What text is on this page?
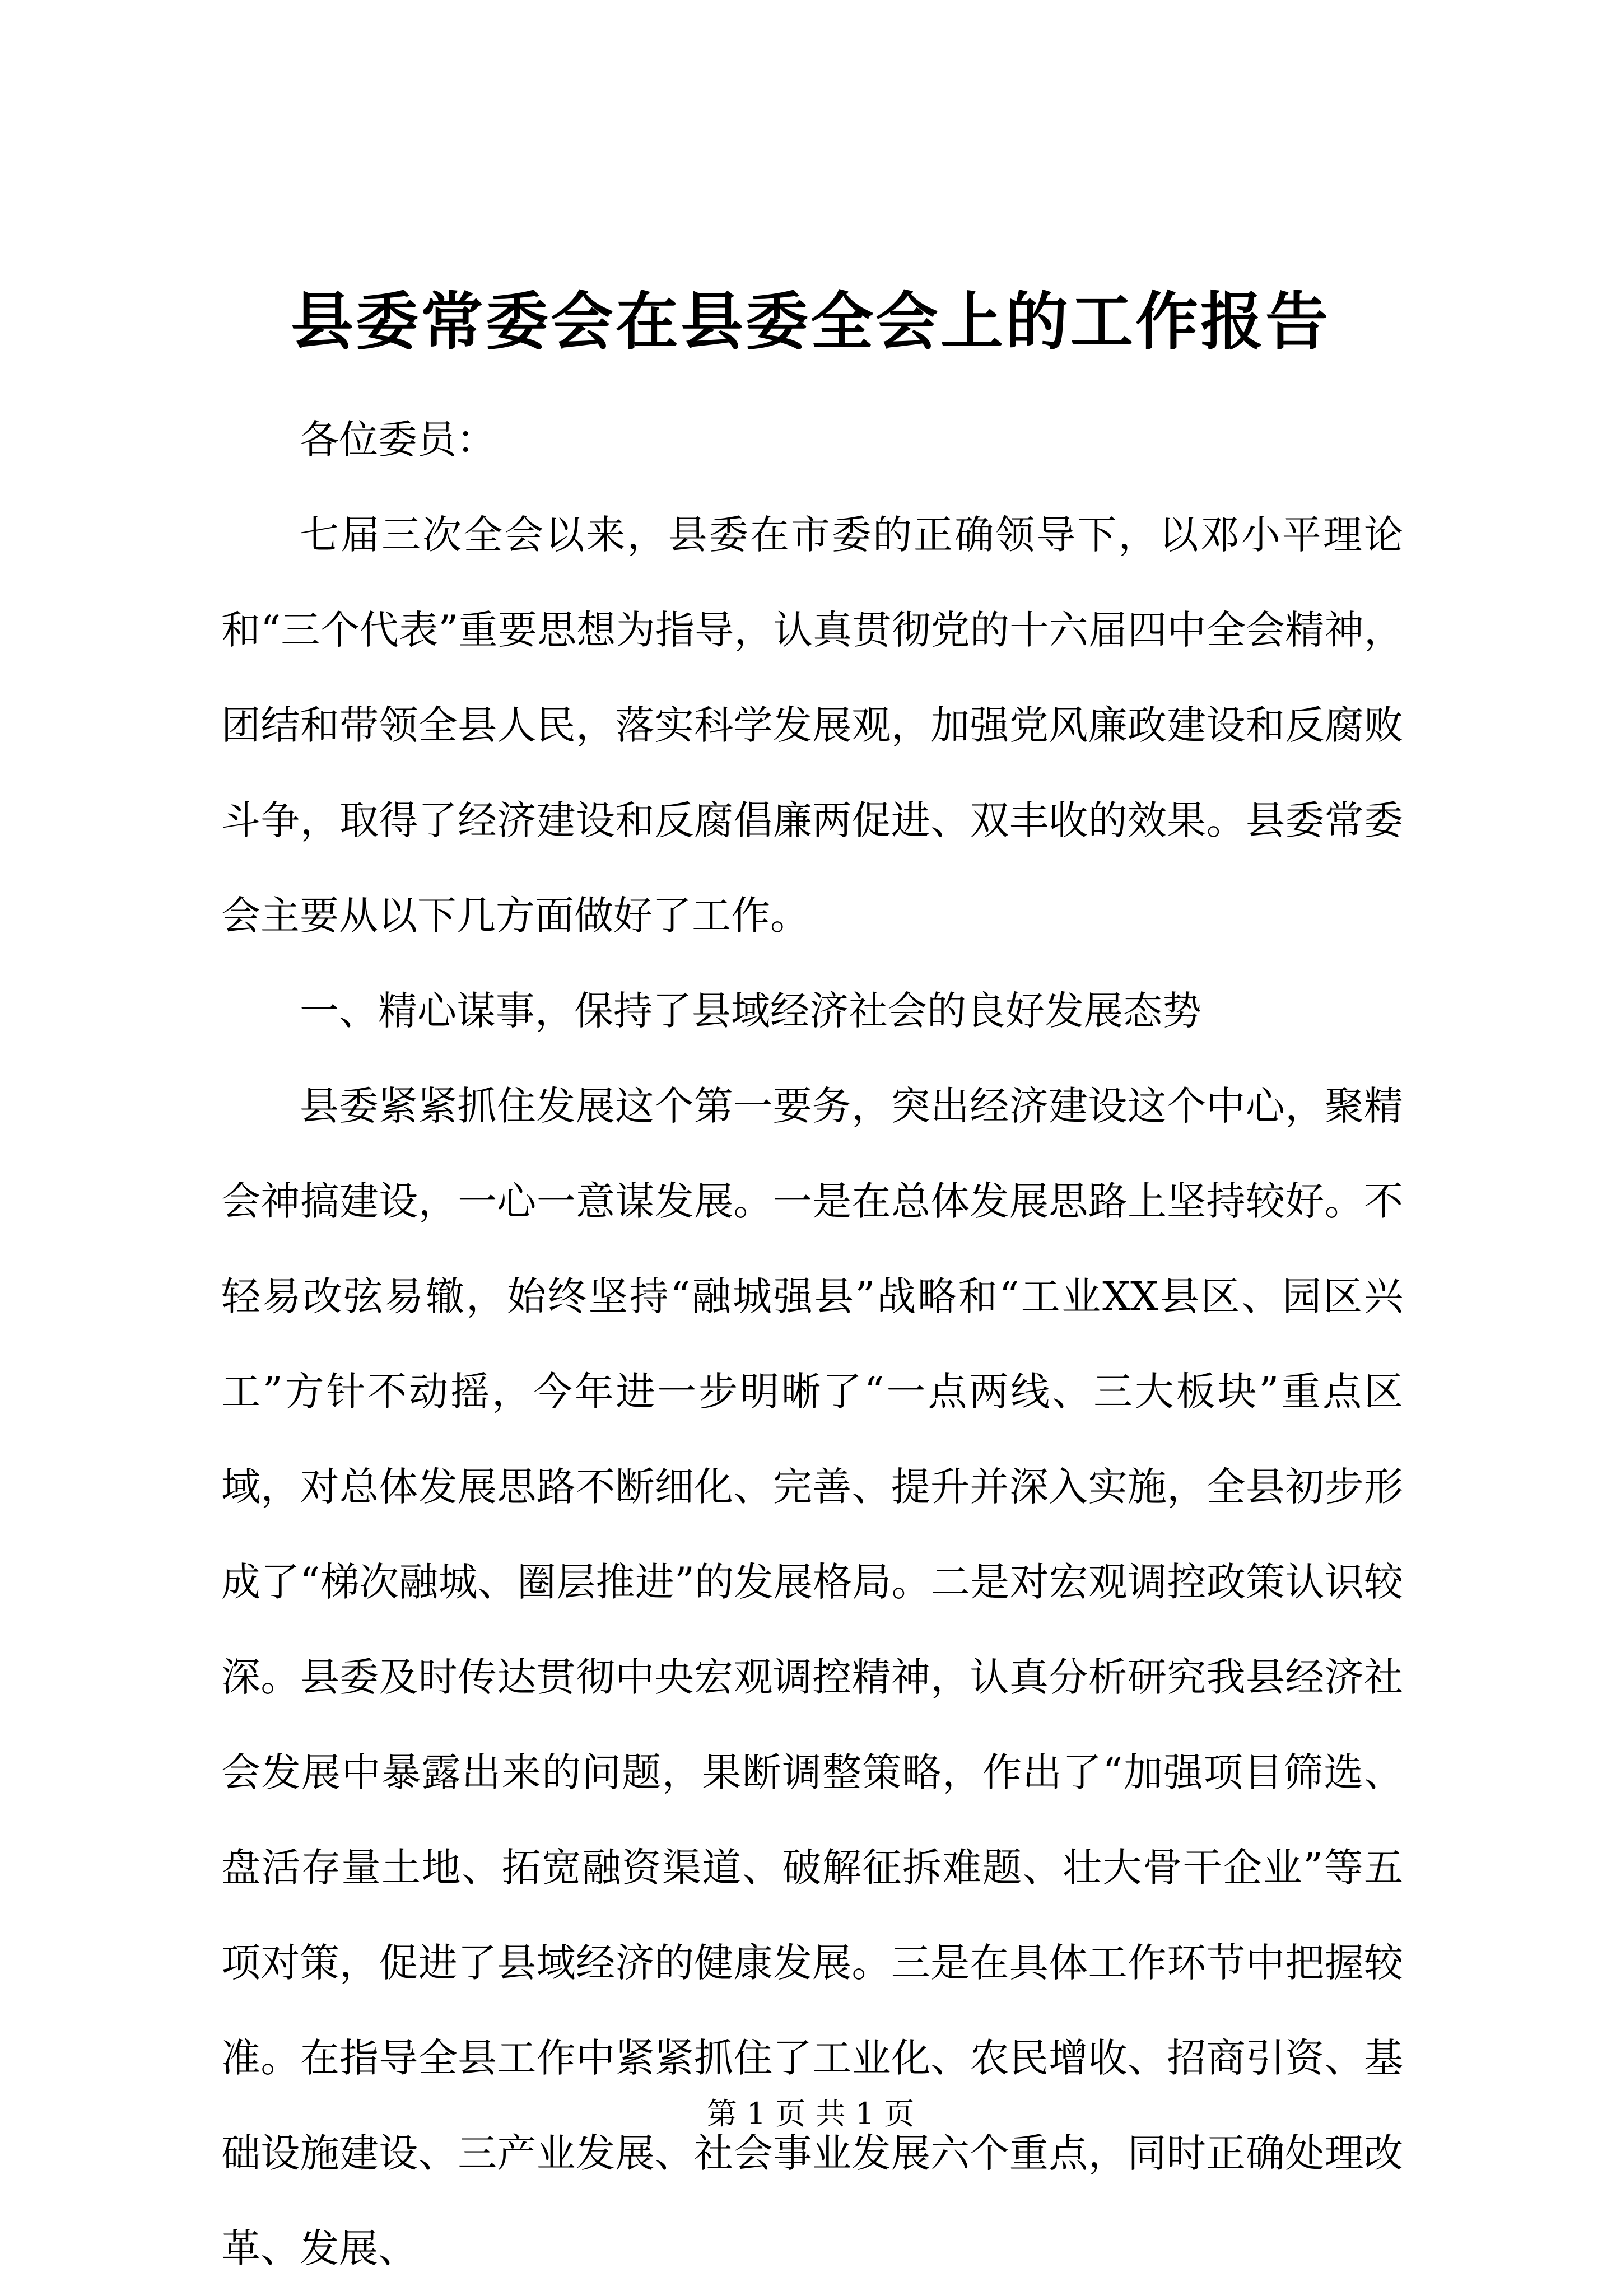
县委常委会在县委全会上的工作报告

各位委员：

七届三次全会以来，县委在市委的正确领导下，以邓小平理论和“三个代表”重要思想为指导，认真贯彻党的十六届四中全会精神，团结和带领全县人民，落实科学发展观，加强党风廉政建设和反腐败斗争，取得了经济建设和反腐倡廉两促进、双丰收的效果。县委常委会主要从以下几方面做好了工作。

一、精心谋事，保持了县域经济社会的良好发展态势

县委紧紧抓住发展这个第一要务，突出经济建设这个中心，聚精会神搞建设，一心一意谋发展。一是在总体发展思路上坚持较好。不轻易改弦易辙，始终坚持“融城强县”战略和“工业XX县区、园区兴工”方针不动摇，今年进一步明晰了“一点两线、三大板块”重点区域，对总体发展思路不断细化、完善、提升并深入实施，全县初步形成了“梯次融城、圈层推进”的发展格局。二是对宏观调控政策认识较深。县委及时传达贯彻中央宏观调控精神，认真分析研究我县经济社会发展中暴露出来的问题，果断调整策略，作出了“加强项目筛选、盘活存量土地、拓宽融资渠道、破解征拆难题、壮大骨干企业”等五项对策，促进了县域经济的健康发展。三是在具体工作环节中把握较准。在指导全县工作中紧紧抓住了工业化、农民增收、招商引资、基础设施建设、三产业发展、社会事业发展六个重点，同时正确处理改革、发展、

第 1 页 共 1 页
